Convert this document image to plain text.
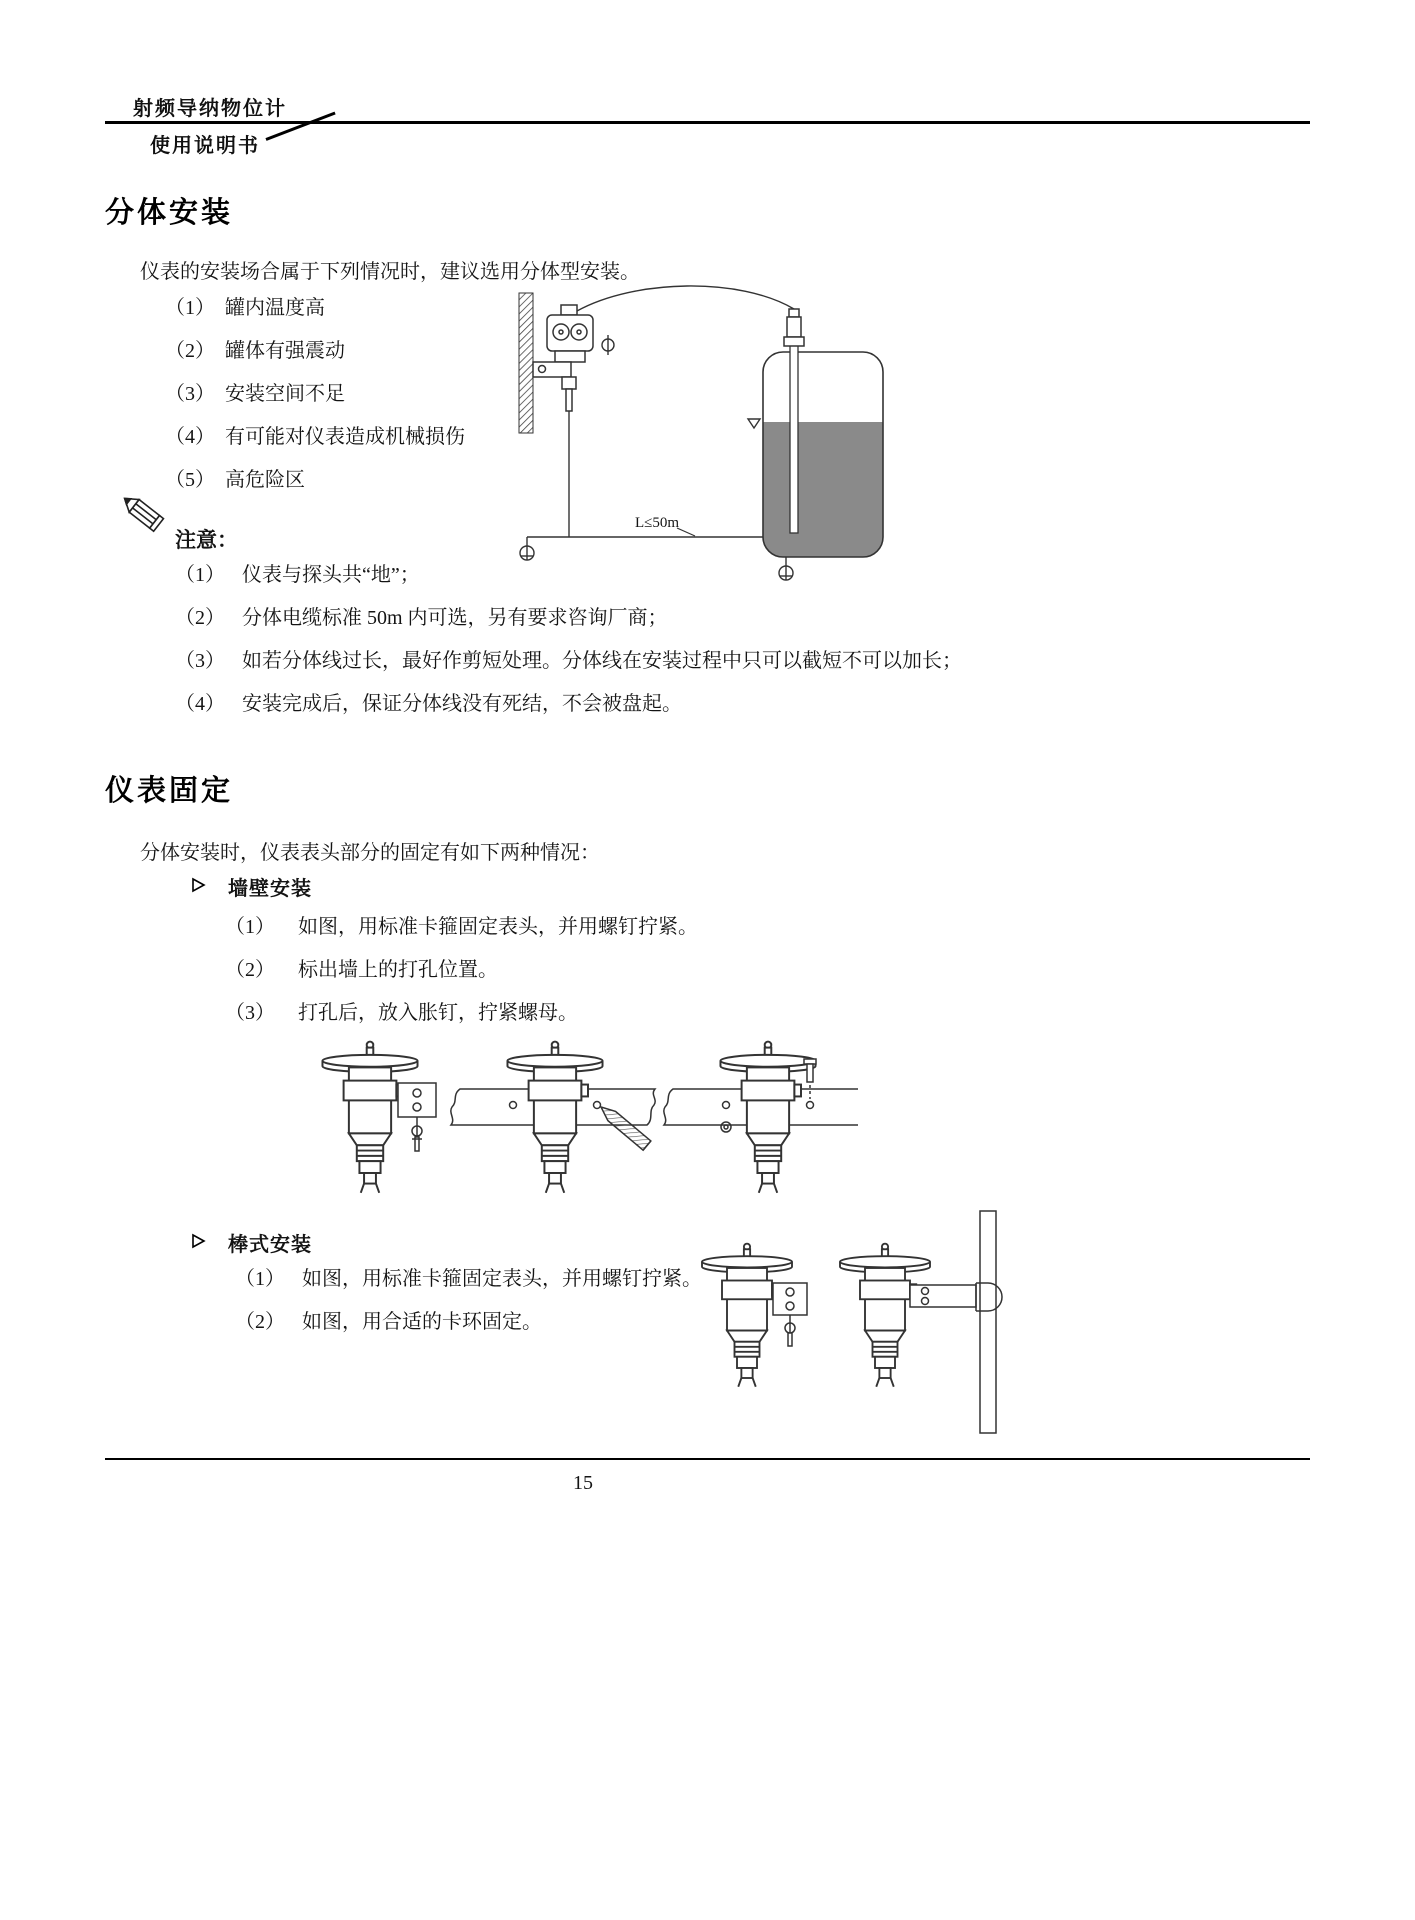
射频导纳物位计
使用说明书
分体安装
仪表的安装场合属于下列情况时，建议选用分体型安装。
（1） 罐内温度高
（2） 罐体有强震动
（3） 安装空间不足
（4） 有可能对仪表造成机械损伤
（5） 高危险区
L≤50m
注意：
（1） 仪表与探头共“地”；
（2） 分体电缆标准 50m 内可选，另有要求咨询厂商；
（3） 如若分体线过长，最好作剪短处理。分体线在安装过程中只可以截短不可以加长；
（4） 安装完成后，保证分体线没有死结，不会被盘起。
仪表固定
分体安装时，仪表表头部分的固定有如下两种情况：
墙壁安装
（1） 如图，用标准卡箍固定表头，并用螺钉拧紧。
（2） 标出墙上的打孔位置。
（3） 打孔后，放入胀钉，拧紧螺母。
棒式安装
（1） 如图，用标准卡箍固定表头，并用螺钉拧紧。
（2） 如图，用合适的卡环固定。
15
